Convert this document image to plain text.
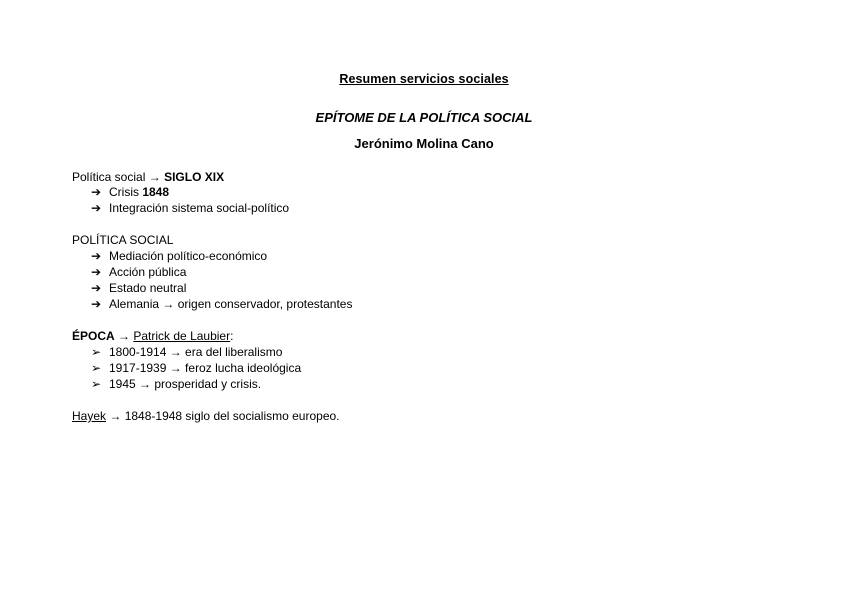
Resumen servicios sociales
EPÍTOME DE LA POLÍTICA SOCIAL
Jerónimo Molina Cano
Política social → SIGLO XIX
➔ Crisis 1848
➔ Integración sistema social-político
POLÍTICA SOCIAL
➔ Mediación político-económico
➔ Acción pública
➔ Estado neutral
➔ Alemania → origen conservador, protestantes
ÉPOCA → Patrick de Laubier:
➢ 1800-1914 → era del liberalismo
➢ 1917-1939 → feroz lucha ideológica
➢ 1945 → prosperidad y crisis.
Hayek → 1848-1948 siglo del socialismo europeo.
